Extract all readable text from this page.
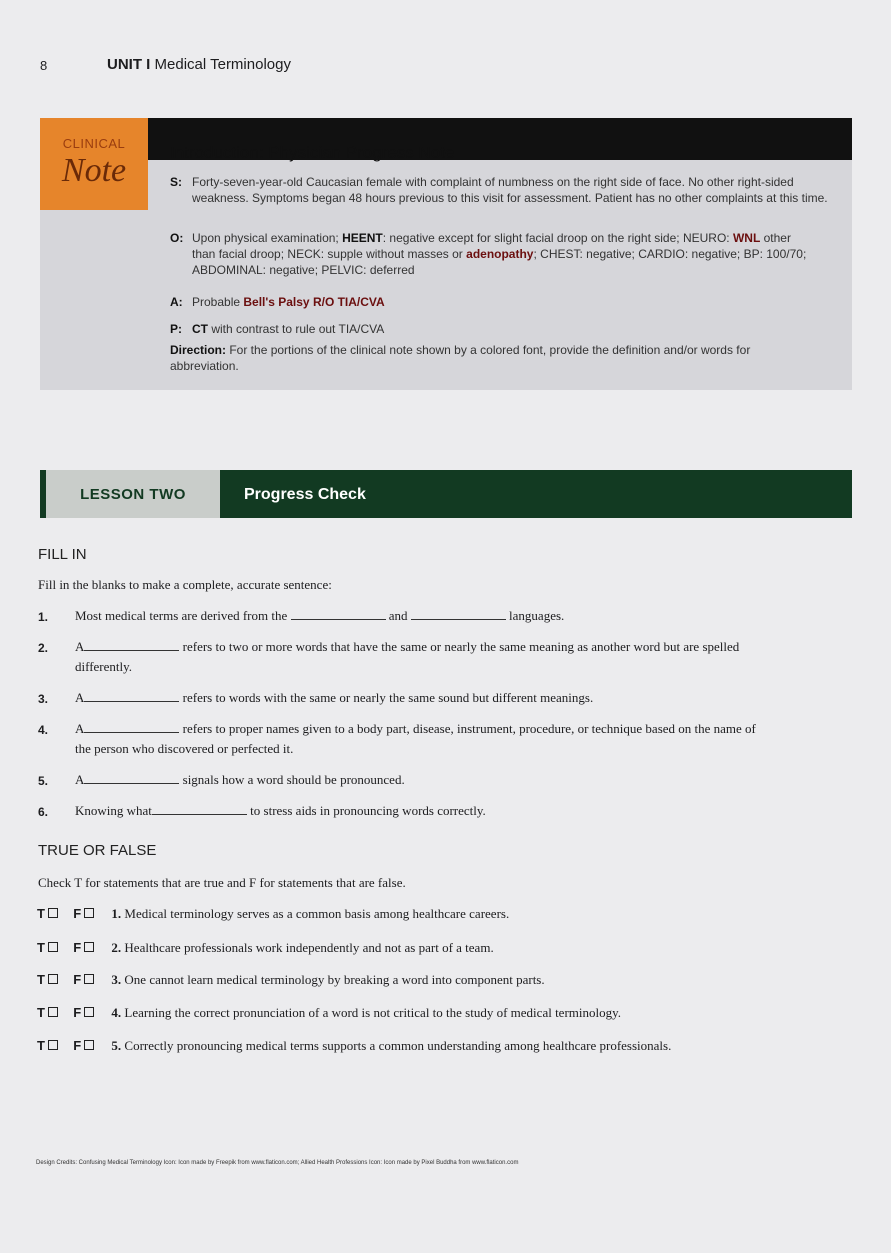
8	UNIT I Medical Terminology
CLINICAL
Note	Introduction: Physician Progress Note
S: Forty-seven-year-old Caucasian female with complaint of numbness on the right side of face. No other right-sided
weakness. Symptoms began 48 hours previous to this visit for assessment. Patient has no other complaints at this time.
O: Upon physical examination; HEENT: negative except for slight facial droop on the right side; NEURO: WNL other
than facial droop; NECK: supple without masses or adenopathy; CHEST: negative; CARDIO: negative; BP: 100/70;
ABDOMINAL: negative; PELVIC: deferred
A: Probable Bell's Palsy R/O TIA/CVA
P: CT with contrast to rule out TIA/CVA
Direction: For the portions of the clinical note shown by a colored font, provide the definition and/or words for
abbreviation.
LESSON TWO	Progress Check
FILL IN
Fill in the blanks to make a complete, accurate sentence:
1. Most medical terms are derived from the	and	languages.
2. A	refers to two or more words that have the same or nearly the same meaning as another word but are spelled
differently.
3. A	refers to words with the same or nearly the same sound but different meanings.
4. A	refers to proper names given to a body part, disease, instrument, procedure, or technique based on the name of
the person who discovered or perfected it.
5. A	signals how a word should be pronounced.
6. Knowing what	to stress aids in pronouncing words correctly.
TRUE OR FALSE
Check T for statements that are true and F for statements that are false.
T F 1. Medical terminology serves as a common basis among healthcare careers.
T F 2. Healthcare professionals work independently and not as part of a team.
T F 3. One cannot learn medical terminology by breaking a word into component parts.
T F 4. Learning the correct pronunciation of a word is not critical to the study of medical terminology.
T F 5. Correctly pronouncing medical terms supports a common understanding among healthcare professionals.
Design Credits: Confusing Medical Terminology Icon: Icon made by Freepik from www.flaticon.com; Allied Health Professions Icon: Icon made by Pixel Buddha from www.flaticon.com
